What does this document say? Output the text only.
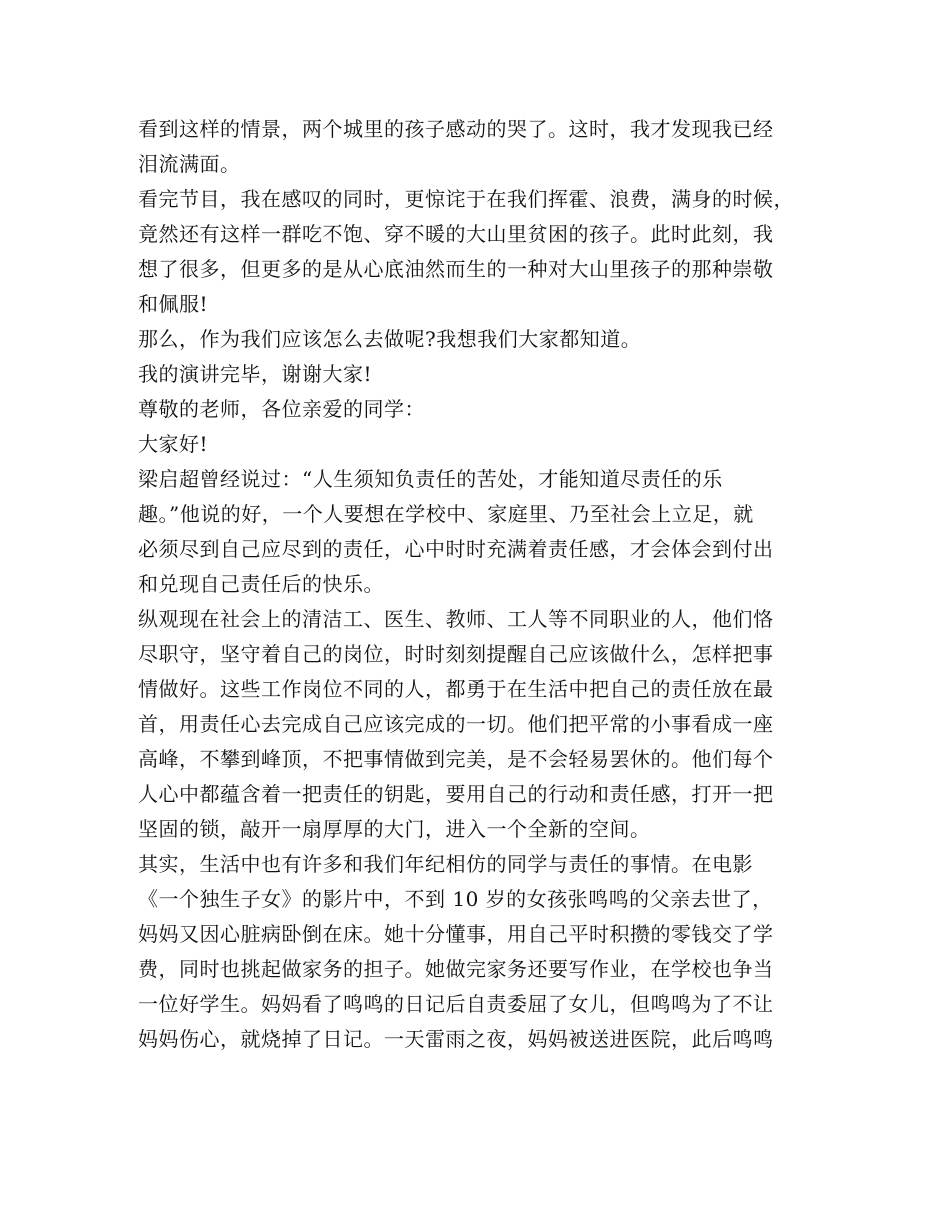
看到这样的情景，两个城里的孩子感动的哭了。这时，我才发现我已经
泪流满面。
看完节目，我在感叹的同时，更惊诧于在我们挥霍、浪费，满身的时候，
竟然还有这样一群吃不饱、穿不暖的大山里贫困的孩子。此时此刻，我
想了很多，但更多的是从心底油然而生的一种对大山里孩子的那种崇敬
和佩服!
那么，作为我们应该怎么去做呢?我想我们大家都知道。
我的演讲完毕，谢谢大家!
尊敬的老师，各位亲爱的同学：
大家好!
梁启超曾经说过：“人生须知负责任的苦处，才能知道尽责任的乐
趣。”他说的好，一个人要想在学校中、家庭里、乃至社会上立足，就
必须尽到自己应尽到的责任，心中时时充满着责任感，才会体会到付出
和兑现自己责任后的快乐。
纵观现在社会上的清洁工、医生、教师、工人等不同职业的人，他们恪
尽职守，坚守着自己的岗位，时时刻刻提醒自己应该做什么，怎样把事
情做好。这些工作岗位不同的人，都勇于在生活中把自己的责任放在最
首，用责任心去完成自己应该完成的一切。他们把平常的小事看成一座
高峰，不攀到峰顶，不把事情做到完美，是不会轻易罢休的。他们每个
人心中都蕴含着一把责任的钥匙，要用自己的行动和责任感，打开一把
坚固的锁，敲开一扇厚厚的大门，进入一个全新的空间。
其实，生活中也有许多和我们年纪相仿的同学与责任的事情。在电影
《一个独生子女》的影片中，不到 10 岁的女孩张鸣鸣的父亲去世了，
妈妈又因心脏病卧倒在床。她十分懂事，用自己平时积攒的零钱交了学
费，同时也挑起做家务的担子。她做完家务还要写作业，在学校也争当
一位好学生。妈妈看了鸣鸣的日记后自责委屈了女儿，但鸣鸣为了不让
妈妈伤心，就烧掉了日记。一天雷雨之夜，妈妈被送进医院，此后鸣鸣
